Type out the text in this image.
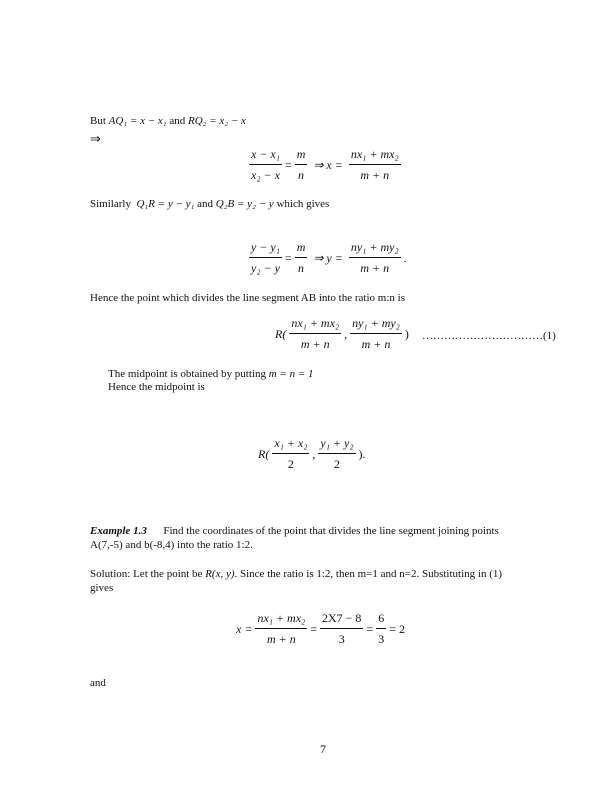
But AQ₁ = x − x₁ and RQ₂ = x₂ − x
⇒
$\frac{\text{x − x₁}}{\text{x₂ − x}} = \frac{m}{n}$ ⇒ $x = \frac{\text{nx₁ + mx₂}}{m + n}$
Similarly Q₁R = y − y₁ and Q₂B = y₂ − y which gives
$\frac{\text{y − y₁}}{\text{y₂ − y}} = \frac{m}{n}$ ⇒ $y = \frac{\text{ny₁ + my₂}}{m + n}$ .
Hence the point which divides the line segment AB into the ratio m:n is
$R( \frac{\text{nx₁ + mx₂}}{m + n}$ , $\frac{\text{ny₁ + my₂}}{m + n}$ ) ……………………………(1)
The midpoint is obtained by putting m = n = 1
Hence the midpoint is
$R( \frac{\text{x₁ + x₂}}{2}$ , $\frac{\text{y₁ + y₂}}{2}$ ).
Example 1.3 Find the coordinates of the point that divides the line segment joining points
A(7,-5) and b(-8,4) into the ratio 1:2.
Solution: Let the point be R(x, y). Since the ratio is 1:2, then m=1 and n=2. Substituting in (1)
gives
$x = \frac{\text{nx₁ + mx₂}}{m + n} = \frac{2X7 - 8}{3} = \frac{6}{3} = 2$
and
7
